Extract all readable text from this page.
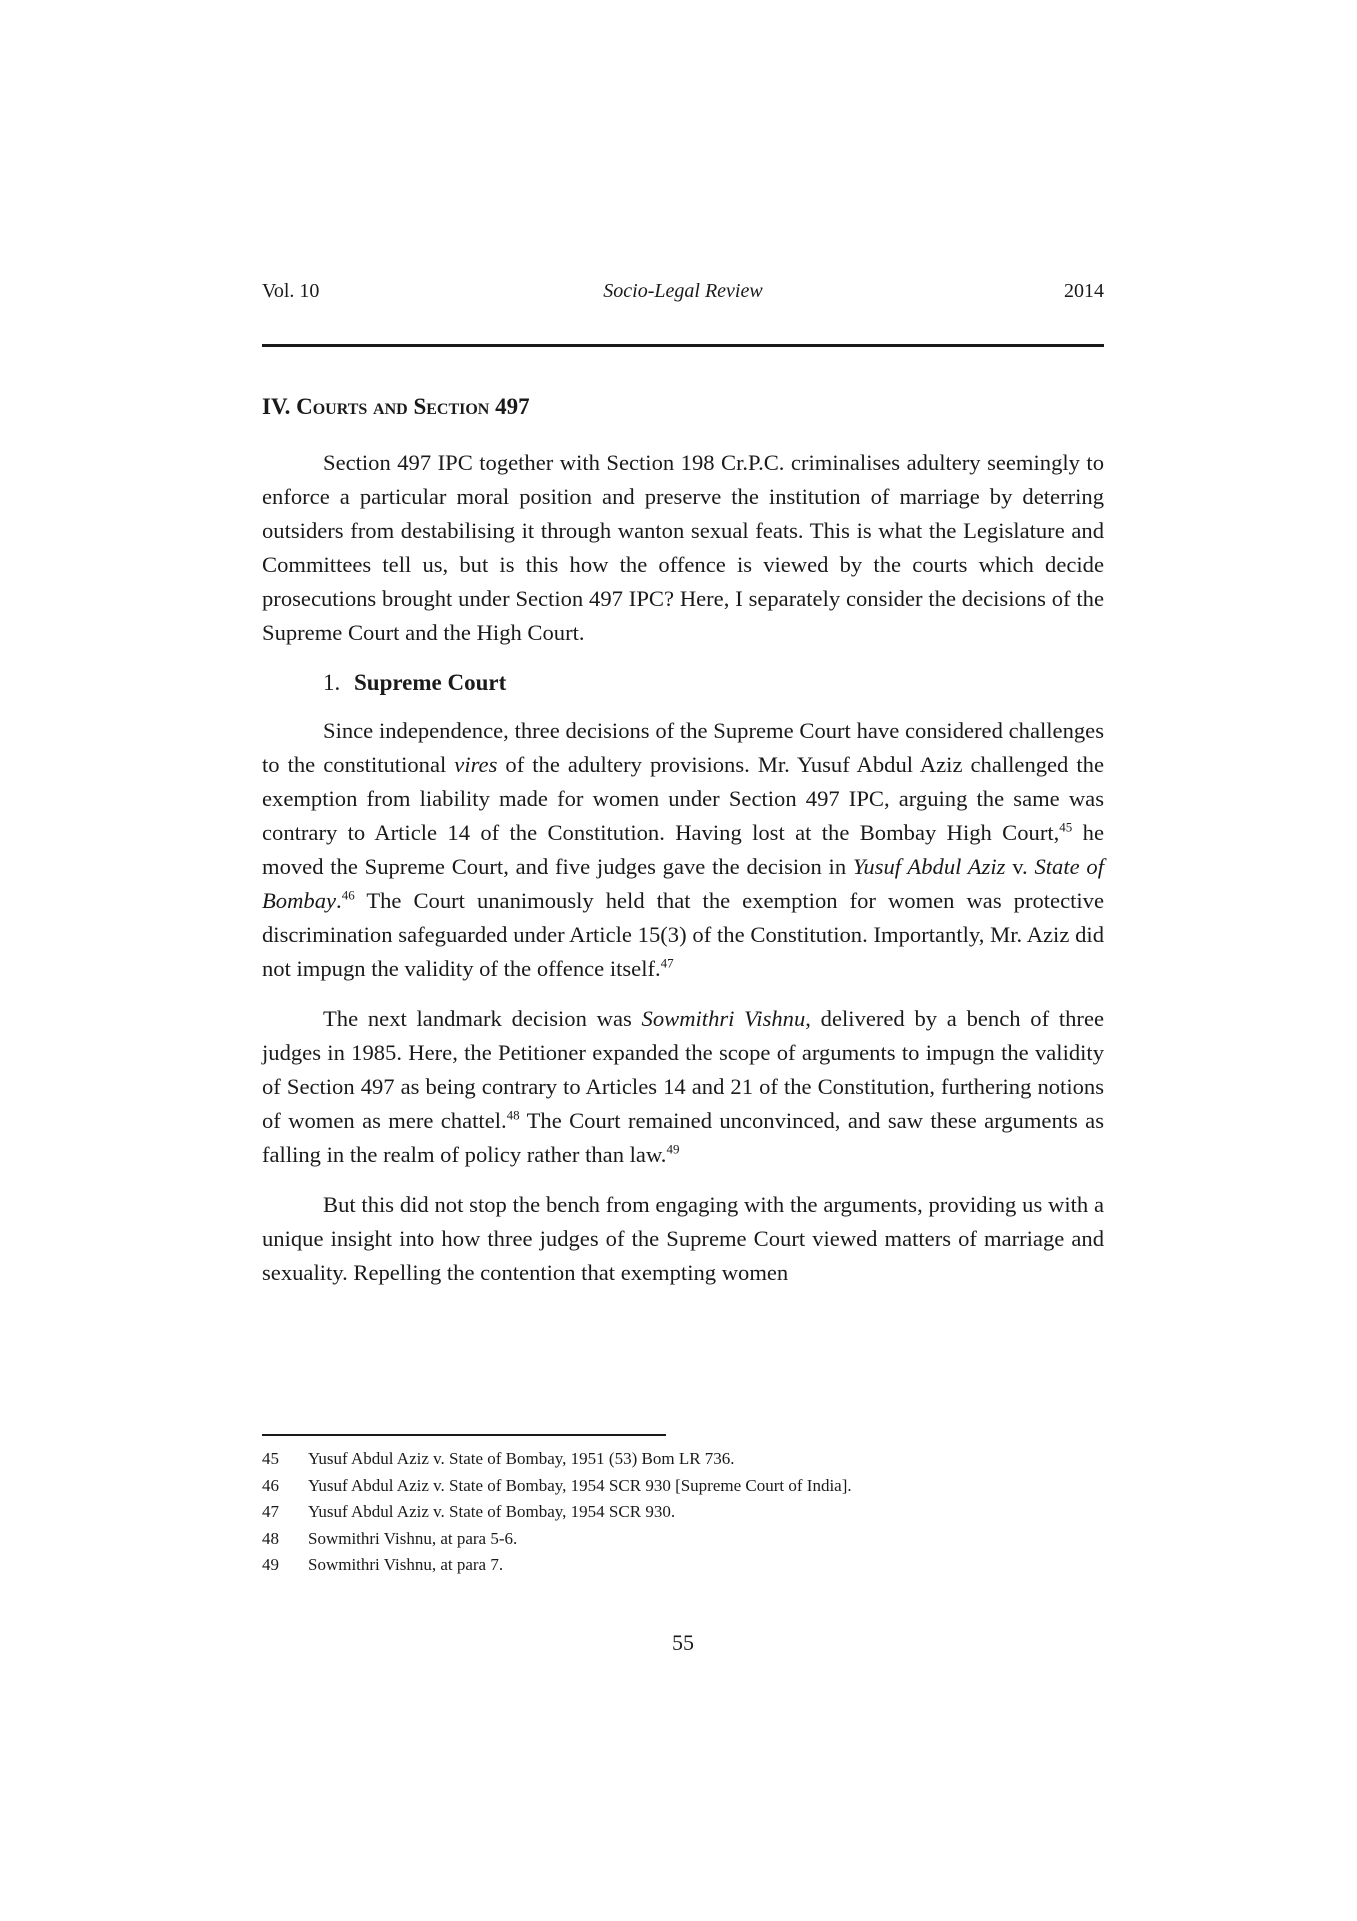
Vol. 10	Socio-Legal Review	2014
IV. Courts and Section 497

Section 497 IPC together with Section 198 Cr.P.C. criminalises adultery seemingly to enforce a particular moral position and preserve the institution of marriage by deterring outsiders from destabilising it through wanton sexual feats. This is what the Legislature and Committees tell us, but is this how the offence is viewed by the courts which decide prosecutions brought under Section 497 IPC? Here, I separately consider the decisions of the Supreme Court and the High Court.

1. Supreme Court

Since independence, three decisions of the Supreme Court have considered challenges to the constitutional vires of the adultery provisions. Mr. Yusuf Abdul Aziz challenged the exemption from liability made for women under Section 497 IPC, arguing the same was contrary to Article 14 of the Constitution. Having lost at the Bombay High Court,$^{45}$ he moved the Supreme Court, and five judges gave the decision in Yusuf Abdul Aziz v. State of Bombay.$^{46}$ The Court unanimously held that the exemption for women was protective discrimination safeguarded under Article 15(3) of the Constitution. Importantly, Mr. Aziz did not impugn the validity of the offence itself.$^{47}$

The next landmark decision was Sowmithri Vishnu, delivered by a bench of three judges in 1985. Here, the Petitioner expanded the scope of arguments to impugn the validity of Section 497 as being contrary to Articles 14 and 21 of the Constitution, furthering notions of women as mere chattel.$^{48}$ The Court remained unconvinced, and saw these arguments as falling in the realm of policy rather than law.$^{49}$

But this did not stop the bench from engaging with the arguments, providing us with a unique insight into how three judges of the Supreme Court viewed matters of marriage and sexuality. Repelling the contention that exempting women

45	Yusuf Abdul Aziz v. State of Bombay, 1951 (53) Bom LR 736.
46	Yusuf Abdul Aziz v. State of Bombay, 1954 SCR 930 [Supreme Court of India].
47	Yusuf Abdul Aziz v. State of Bombay, 1954 SCR 930.
48	Sowmithri Vishnu, at para 5-6.
49	Sowmithri Vishnu, at para 7.
55
